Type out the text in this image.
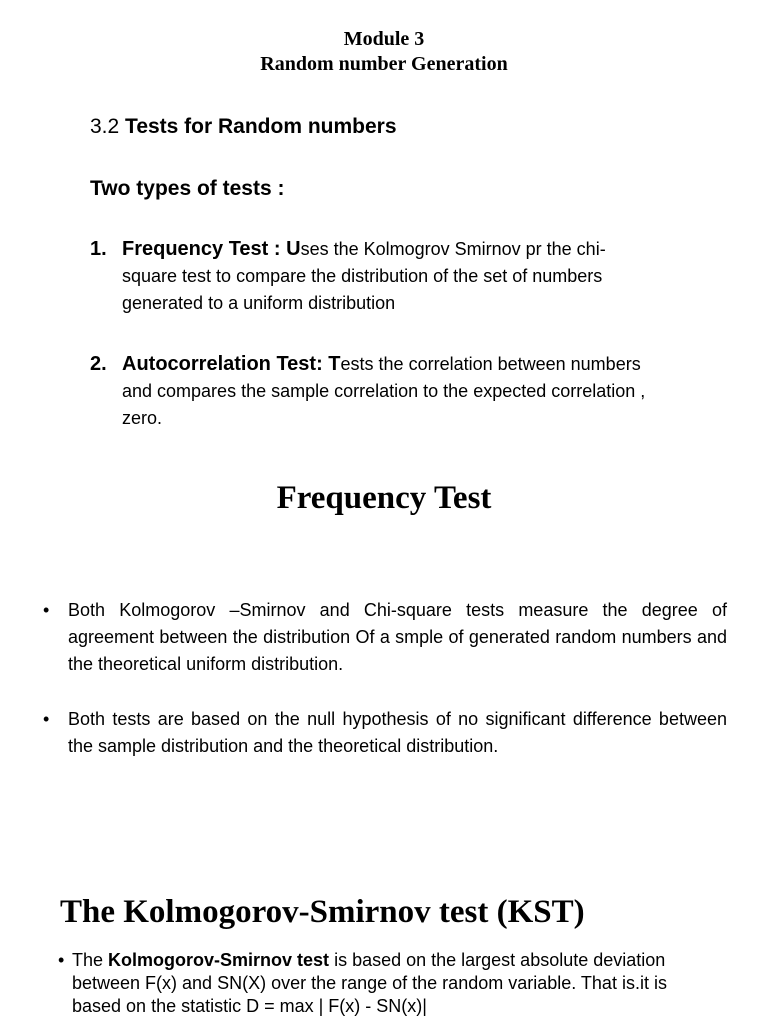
Module 3
Random number Generation
3.2 Tests for Random numbers
Two types of tests :
1. Frequency Test : Uses the Kolmogrov Smirnov pr the chi-square test to compare the distribution of the set of numbers generated to a uniform distribution
2. Autocorrelation Test: Tests the correlation between numbers and compares the sample correlation to the expected correlation , zero.
Frequency Test
• Both Kolmogorov –Smirnov and Chi-square tests measure the degree of agreement between the distribution Of a smple of generated random numbers and the theoretical uniform distribution.
• Both tests are based on the null hypothesis of no significant difference between the sample distribution and the theoretical distribution.
The Kolmogorov-Smirnov test (KST)
• The Kolmogorov-Smirnov test is based on the largest absolute deviation between F(x) and SN(X) over the range of the random variable. That is.it is based on the statistic D = max | F(x) - SN(x)|
